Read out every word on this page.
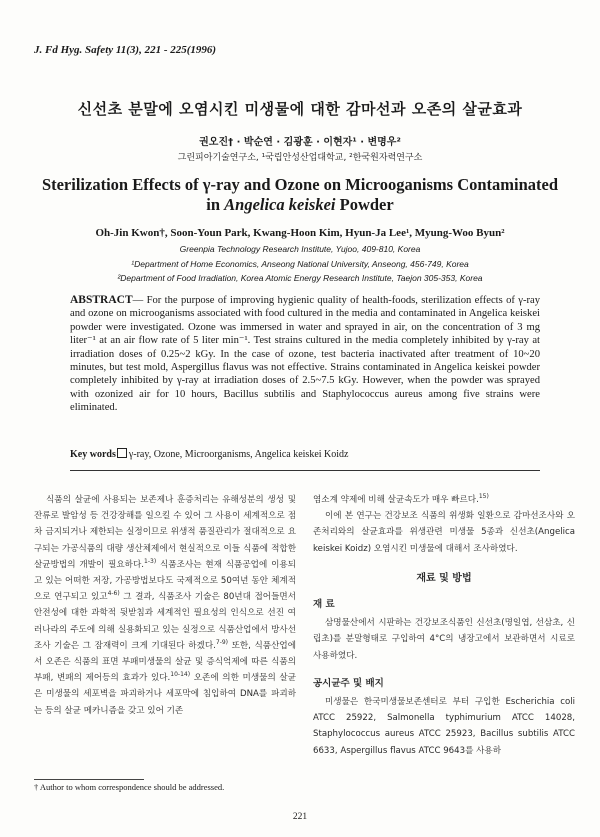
J. Fd Hyg. Safety 11(3), 221 - 225(1996)
신선초 분말에 오염시킨 미생물에 대한 감마선과 오존의 살균효과
권오진† · 박순연 · 김광훈 · 이현자¹ · 변명우²
그린피아기술연구소, ¹국립안성산업대학교, ²한국원자력연구소
Sterilization Effects of γ-ray and Ozone on Microoganisms Contaminated
in Angelica keiskei Powder
Oh-Jin Kwon†, Soon-Youn Park, Kwang-Hoon Kim, Hyun-Ja Lee¹, Myung-Woo Byun²
Greenpia Technology Research Institute, Yujoo, 409-810, Korea
¹Department of Home Economics, Anseong National University, Anseong, 456-749, Korea
²Department of Food Irradiation, Korea Atomic Energy Research Institute, Taejon 305-353, Korea
ABSTRACT— For the purpose of improving hygienic quality of health-foods, sterilization effects of γ-ray and ozone on microoganisms associated with food cultured in the media and contaminated in Angelica keiskei powder were investigated. Ozone was immersed in water and sprayed in air, on the concentration of 3 mg liter⁻¹ at an air flow rate of 5 liter min⁻¹. Test strains cultured in the media completely inhibited by γ-ray at irradiation doses of 0.25~2 kGy. In the case of ozone, test bacteria inactivated after treatment of 10~20 minutes, but test mold, Aspergillus flavus was not effective. Strains contaminated in Angelica keiskei powder completely inhibited by γ-ray at irradiation doses of 2.5~7.5 kGy. However, when the powder was sprayed with ozonized air for 10 hours, Bacillus subtilis and Staphylococcus aureus among five strains were eliminated.
Key words γ-ray, Ozone, Microorganisms, Angelica keiskei Koidz

식품의 살균에 사용되는 보존제나 훈증처리는 유해성분의 생성 및 잔류로 발암성 등 건강장해를 일으킬 수 있어 그 사용이 세계적으로 점차 금지되거나 제한되는 실정이므로 위생적 품질관리가 절대적으로 요구되는 가공식품의 대량 생산체제에서 현실적으로 이들 식품에 적합한 살균방법의 개발이 필요하다.$^{1-3)}$ 식품조사는 현재 식품공업에 이용되고 있는 어떠한 저장, 가공방법보다도 국제적으로 50여년 동안 체계적으로 연구되고 있고$^{4-6)}$ 그 결과, 식품조사 기술은 80년대 접어들면서 안전성에 대한 과학적 뒷받침과 세계적인 필요성의 인식으로 선진 여러나라의 주도에 의해 실용화되고 있는 실정으로 식품산업에서 방사선조사 기술은 그 잠재력이 크게 기대된다 하겠다.$^{7-9)}$ 또한, 식품산업에서 오존은 식품의 표면 부패미생물의 살균 및 증식억제에 따른 식품의 부패, 변패의 제어등의 효과가 있다.$^{10-14)}$ 오존에 의한 미생물의 살균은 미생물의 세포벽을 파괴하거나 세포막에 침입하여 DNA를 파괴하는 등의 살균 메카니즘을 갖고 있어 기존

염소계 약제에 비해 살균속도가 매우 빠르다.$^{15)}$

이에 본 연구는 건강보조 식품의 위생화 일환으로 감마선조사와 오존처리와의 살균효과를 위생관련 미생물 5종과 신선초(Angelica keiskei Koidz) 오염시킨 미생물에 대해서 조사하였다.

재료 및 방법
재 료

삼명물산에서 시판하는 건강보조식품인 신선초(명일엽, 선삼초, 신립초)를 분말형태로 구입하여 4°C의 냉장고에서 보관하면서 시료로 사용하였다.

공시균주 및 배지

미생물은 한국미생물보존센터로 부터 구입한 Escherichia coli ATCC 25922, Salmonella typhimurium ATCC 14028, Staphylococcus aureus ATCC 25923, Bacillus subtilis ATCC 6633, Aspergillus flavus ATCC 9643를 사용하

† Author to whom correspondence should be addressed.
221
